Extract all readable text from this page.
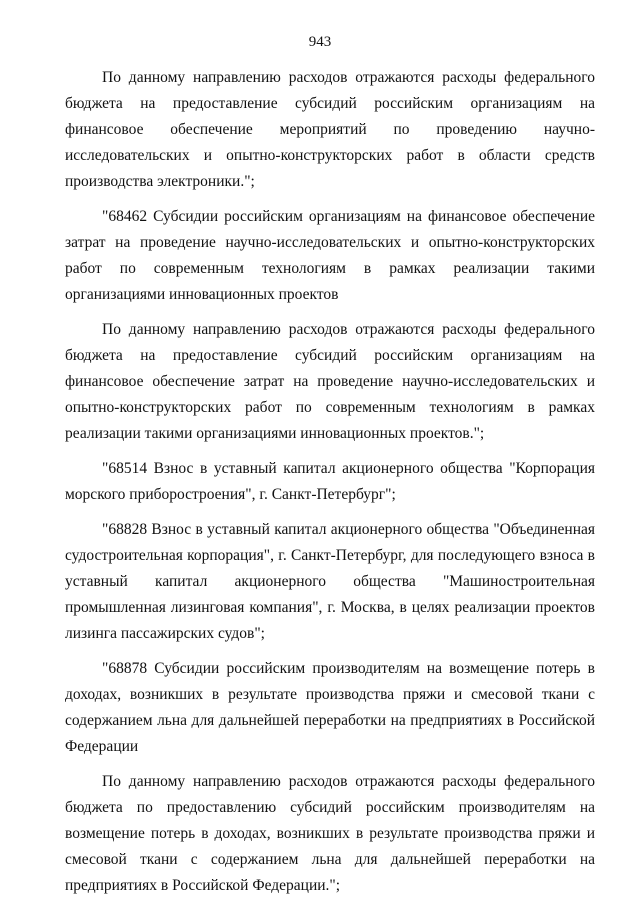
943

По данному направлению расходов отражаются расходы федерального бюджета на предоставление субсидий российским организациям на финансовое обеспечение мероприятий по проведению научно-исследовательских и опытно-конструкторских работ в области средств производства электроники.";

"68462 Субсидии российским организациям на финансовое обеспечение затрат на проведение научно-исследовательских и опытно-конструкторских работ по современным технологиям в рамках реализации такими организациями инновационных проектов

По данному направлению расходов отражаются расходы федерального бюджета на предоставление субсидий российским организациям на финансовое обеспечение затрат на проведение научно-исследовательских и опытно-конструкторских работ по современным технологиям в рамках реализации такими организациями инновационных проектов.";

"68514 Взнос в уставный капитал акционерного общества "Корпорация морского приборостроения", г. Санкт-Петербург";

"68828 Взнос в уставный капитал акционерного общества "Объединенная судостроительная корпорация", г. Санкт-Петербург, для последующего взноса в уставный капитал акционерного общества "Машиностроительная промышленная лизинговая компания", г. Москва, в целях реализации проектов лизинга пассажирских судов";

"68878 Субсидии российским производителям на возмещение потерь в доходах, возникших в результате производства пряжи и смесовой ткани с содержанием льна для дальнейшей переработки на предприятиях в Российской Федерации

По данному направлению расходов отражаются расходы федерального бюджета по предоставлению субсидий российским производителям на возмещение потерь в доходах, возникших в результате производства пряжи и смесовой ткани с содержанием льна для дальнейшей переработки на предприятиях в Российской Федерации.";
